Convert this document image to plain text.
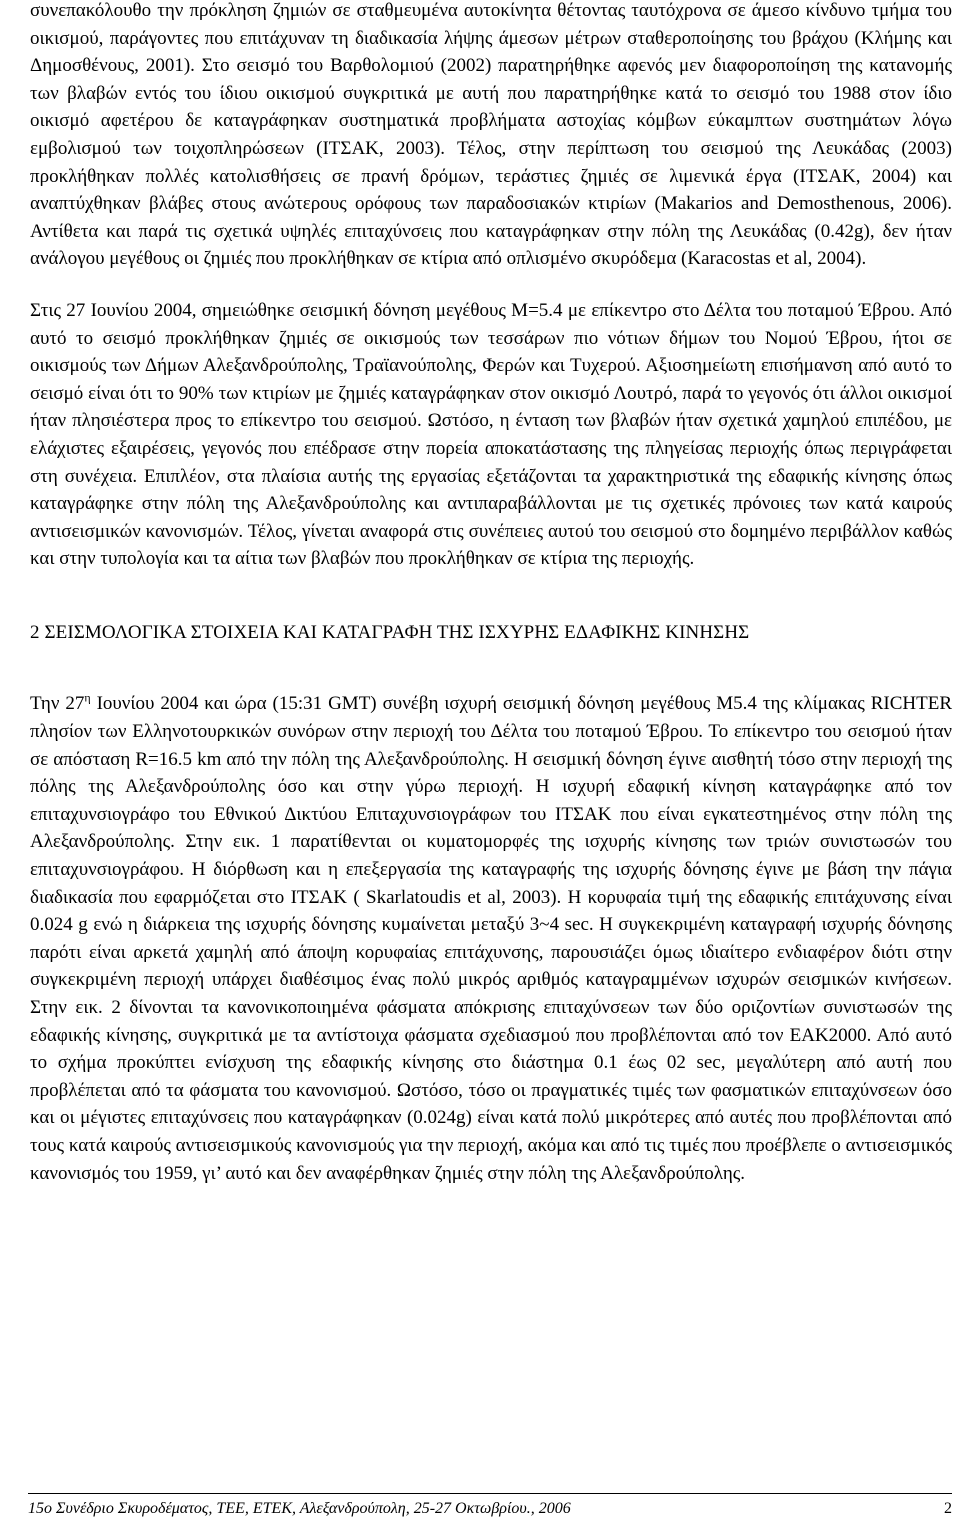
συνεπακόλουθο την πρόκληση ζημιών σε σταθμευμένα αυτοκίνητα θέτοντας ταυτόχρονα σε άμεσο κίνδυνο τμήμα του οικισμού, παράγοντες που επιτάχυναν τη διαδικασία λήψης άμεσων μέτρων σταθεροποίησης του βράχου (Κλήμης και Δημοσθένους, 2001). Στο σεισμό του Βαρθολομιού (2002) παρατηρήθηκε αφενός μεν διαφοροποίηση της κατανομής των βλαβών εντός του ίδιου οικισμού συγκριτικά με αυτή που παρατηρήθηκε κατά το σεισμό του 1988 στον ίδιο οικισμό αφετέρου δε καταγράφηκαν συστηματικά προβλήματα αστοχίας κόμβων εύκαμπτων συστημάτων λόγω εμβολισμού των τοιχοπληρώσεων (ΙΤΣΑΚ, 2003). Τέλος, στην περίπτωση του σεισμού της Λευκάδας (2003) προκλήθηκαν πολλές κατολισθήσεις σε πρανή δρόμων, τεράστιες ζημιές σε λιμενικά έργα (ΙΤΣΑΚ, 2004) και αναπτύχθηκαν βλάβες στους ανώτερους ορόφους των παραδοσιακών κτιρίων (Makarios and Demosthenous, 2006). Αντίθετα και παρά τις σχετικά υψηλές επιταχύνσεις που καταγράφηκαν στην πόλη της Λευκάδας (0.42g), δεν ήταν ανάλογου μεγέθους οι ζημιές που προκλήθηκαν σε κτίρια από οπλισμένο σκυρόδεμα (Karacostas et al, 2004).

Στις 27 Ιουνίου 2004, σημειώθηκε σεισμική δόνηση μεγέθους M=5.4 με επίκεντρο στο Δέλτα του ποταμού Έβρου. Από αυτό το σεισμό προκλήθηκαν ζημιές σε οικισμούς των τεσσάρων πιο νότιων δήμων του Νομού Έβρου, ήτοι σε οικισμούς των Δήμων Αλεξανδρούπολης, Τραϊανούπολης, Φερών και Τυχερού. Αξιοσημείωτη επισήμανση από αυτό το σεισμό είναι ότι το 90% των κτιρίων με ζημιές καταγράφηκαν στον οικισμό Λουτρό, παρά το γεγονός ότι άλλοι οικισμοί ήταν πλησιέστερα προς το επίκεντρο του σεισμού. Ωστόσο, η ένταση των βλαβών ήταν σχετικά χαμηλού επιπέδου, με ελάχιστες εξαιρέσεις, γεγονός που επέδρασε στην πορεία αποκατάστασης της πληγείσας περιοχής όπως περιγράφεται στη συνέχεια. Επιπλέον, στα πλαίσια αυτής της εργασίας εξετάζονται τα χαρακτηριστικά της εδαφικής κίνησης όπως καταγράφηκε στην πόλη της Αλεξανδρούπολης και αντιπαραβάλλονται με τις σχετικές πρόνοιες των κατά καιρούς αντισεισμικών κανονισμών. Τέλος, γίνεται αναφορά στις συνέπειες αυτού του σεισμού στο δομημένο περιβάλλον καθώς και στην τυπολογία και τα αίτια των βλαβών που προκλήθηκαν σε κτίρια της περιοχής.

2 ΣΕΙΣΜΟΛΟΓΙΚΑ ΣΤΟΙΧΕΙΑ ΚΑΙ ΚΑΤΑΓΡΑΦΗ ΤΗΣ ΙΣΧΥΡΗΣ ΕΔΑΦΙΚΗΣ ΚΙΝΗΣΗΣ

Την $27^\eta$ Ιουνίου 2004 και ώρα (15:31 GMT) συνέβη ισχυρή σεισμική δόνηση μεγέθους M5.4 της κλίμακας RICHTER πλησίον των Ελληνοτουρκικών συνόρων στην περιοχή του Δέλτα του ποταμού Έβρου. Το επίκεντρο του σεισμού ήταν σε απόσταση R=16.5 km από την πόλη της Αλεξανδρούπολης. Η σεισμική δόνηση έγινε αισθητή τόσο στην περιοχή της πόλης της Αλεξανδρούπολης όσο και στην γύρω περιοχή. Η ισχυρή εδαφική κίνηση καταγράφηκε από τον επιταχυνσιογράφο του Εθνικού Δικτύου Επιταχυνσιογράφων του ΙΤΣΑΚ που είναι εγκατεστημένος στην πόλη της Αλεξανδρούπολης. Στην εικ. 1 παρατίθενται οι κυματομορφές της ισχυρής κίνησης των τριών συνιστωσών του επιταχυνσιογράφου. Η διόρθωση και η επεξεργασία της καταγραφής της ισχυρής δόνησης έγινε με βάση την πάγια διαδικασία που εφαρμόζεται στο ΙΤΣΑΚ ( Skarlatoudis et al, 2003). Η κορυφαία τιμή της εδαφικής επιτάχυνσης είναι 0.024 g ενώ η διάρκεια της ισχυρής δόνησης κυμαίνεται μεταξύ 3~4 sec. Η συγκεκριμένη καταγραφή ισχυρής δόνησης παρότι είναι αρκετά χαμηλή από άποψη κορυφαίας επιτάχυνσης, παρουσιάζει όμως ιδιαίτερο ενδιαφέρον διότι στην συγκεκριμένη περιοχή υπάρχει διαθέσιμος ένας πολύ μικρός αριθμός καταγραμμένων ισχυρών σεισμικών κινήσεων. Στην εικ. 2 δίνονται τα κανονικοποιημένα φάσματα απόκρισης επιταχύνσεων των δύο οριζοντίων συνιστωσών της εδαφικής κίνησης, συγκριτικά με τα αντίστοιχα φάσματα σχεδιασμού που προβλέπονται από τον ΕΑΚ2000. Από αυτό το σχήμα προκύπτει ενίσχυση της εδαφικής κίνησης στο διάστημα 0.1 έως 02 sec, μεγαλύτερη από αυτή που προβλέπεται από τα φάσματα του κανονισμού. Ωστόσο, τόσο οι πραγματικές τιμές των φασματικών επιταχύνσεων όσο και οι μέγιστες επιταχύνσεις που καταγράφηκαν (0.024g) είναι κατά πολύ μικρότερες από αυτές που προβλέπονται από τους κατά καιρούς αντισεισμικούς κανονισμούς για την περιοχή, ακόμα και από τις τιμές που προέβλεπε ο αντισεισμικός κανονισμός του 1959, γι’ αυτό και δεν αναφέρθηκαν ζημιές στην πόλη της Αλεξανδρούπολης.

15ο Συνέδριο Σκυροδέματος, ΤΕΕ, ΕΤΕΚ, Αλεξανδρούπολη, 25-27 Οκτωβρίου., 2006	2
